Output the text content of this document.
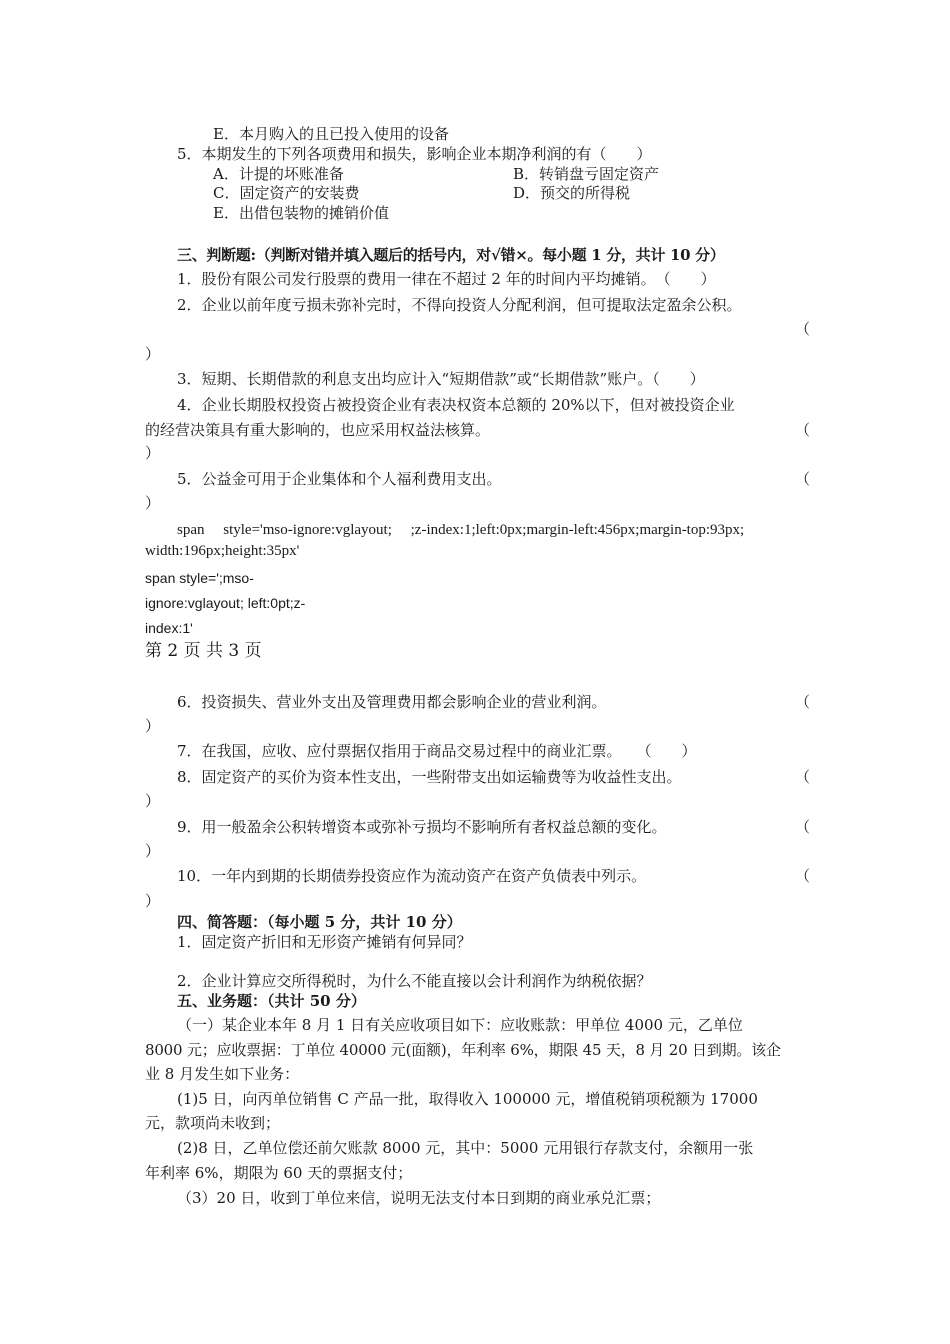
E．本月购入的且已投入使用的设备
5．本期发生的下列各项费用和损失，影响企业本期净利润的有（　　）
A．计提的坏账准备	B．转销盘亏固定资产
C．固定资产的安装费	D．预交的所得税
E．出借包装物的摊销价值
三、判断题:（判断对错并填入题后的括号内，对√错×。每小题 1 分，共计 10 分）
1．股份有限公司发行股票的费用一律在不超过 2 年的时间内平均摊销。　（　　）
2．企业以前年度亏损未弥补完时，不得向投资人分配利润，但可提取法定盈余公积。
（
）
3．短期、长期借款的利息支出均应计入“短期借款”或“长期借款”账户。（　　）
4．企业长期股权投资占被投资企业有表决权资本总额的 20%以下，但对被投资企业
的经营决策具有重大影响的，也应采用权益法核算。	（
）
5．公益金可用于企业集体和个人福利费用支出。	（
）
span　 style='mso-ignore:vglayout;　 ;z-index:1;left:0px;margin-left:456px;margin-top:93px;
width:196px;height:35px'
span style=';mso-
ignore:vglayout; left:0pt;z-
index:1'
第 2 页 共 3 页
6．投资损失、营业外支出及管理费用都会影响企业的营业利润。	（
）
7．在我国，应收、应付票据仅指用于商品交易过程中的商业汇票。　　（　　）
8．固定资产的买价为资本性支出，一些附带支出如运输费等为收益性支出。	（
）
9．用一般盈余公积转增资本或弥补亏损均不影响所有者权益总额的变化。	（
）
10．一年内到期的长期债券投资应作为流动资产在资产负债表中列示。	（
）
四、简答题：（每小题 5 分，共计 10 分）
1．固定资产折旧和无形资产摊销有何异同？
2．企业计算应交所得税时，为什么不能直接以会计利润作为纳税依据？
五、业务题：（共计 50 分）
（一）某企业本年 8 月 1 日有关应收项目如下：应收账款：甲单位 4000 元，乙单位
8000 元；应收票据：丁单位 40000 元(面额)，年利率 6%，期限 45 天，8 月 20 日到期。该企
业 8 月发生如下业务：
(1)5 日，向丙单位销售 C 产品一批，取得收入 100000 元，增值税销项税额为 17000
元，款项尚未收到；
(2)8 日，乙单位偿还前欠账款 8000 元，其中：5000 元用银行存款支付，余额用一张
年利率 6%，期限为 60 天的票据支付；
（3）20 日，收到丁单位来信，说明无法支付本日到期的商业承兑汇票；
